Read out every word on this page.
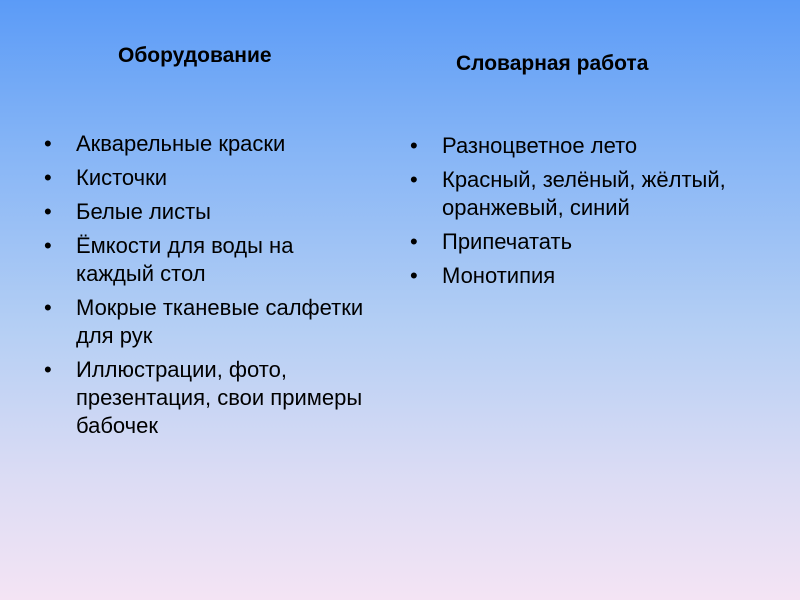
Оборудование	Словарная работа
•	Акварельные краски
•	Кисточки
•	Белые листы
•	Ёмкости для воды на каждый стол
•	Мокрые тканевые салфетки для рук
•	Иллюстрации, фото, презентация, свои примеры бабочек
•	Разноцветное лето
•	Красный, зелёный, жёлтый, оранжевый, синий
•	Припечатать
•	Монотипия
